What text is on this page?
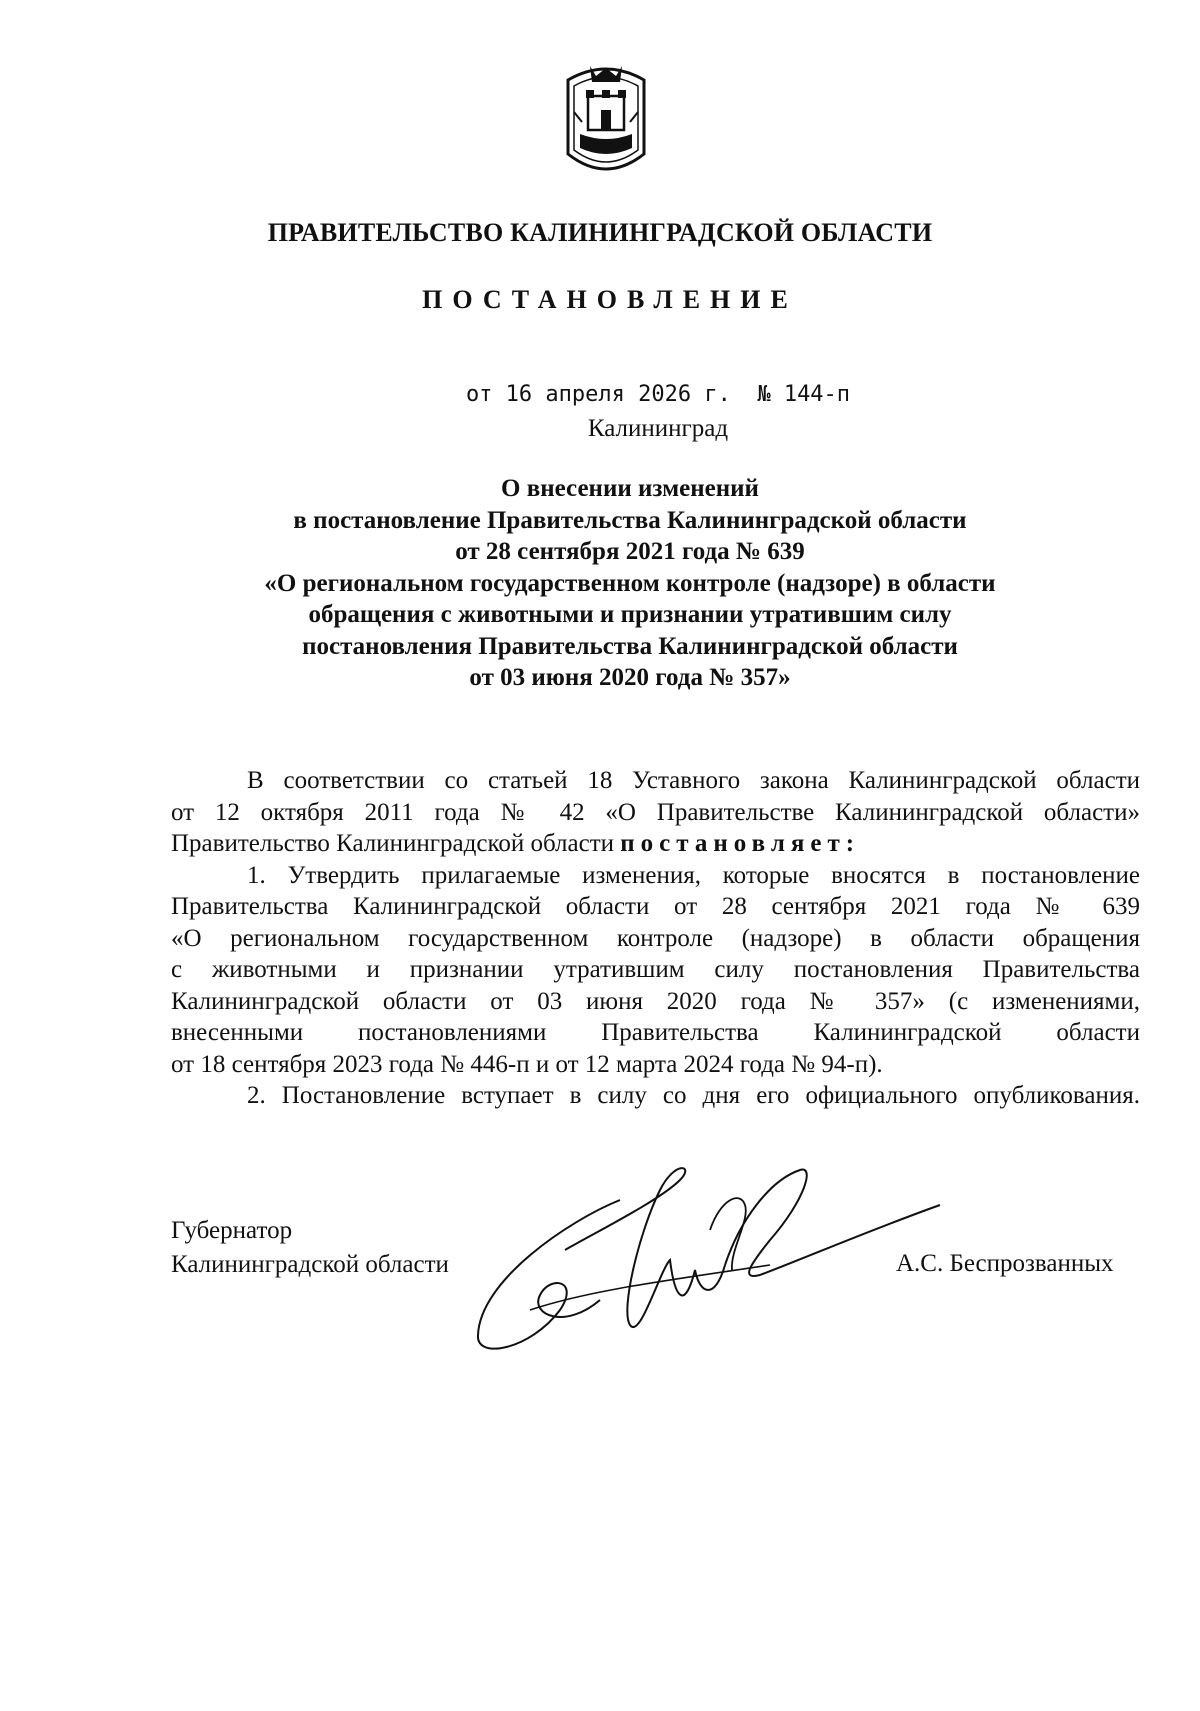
ПРАВИТЕЛЬСТВО КАЛИНИНГРАДСКОЙ ОБЛАСТИ
ПОСТАНОВЛЕНИЕ
от 16 апреля 2026 г.  № 144-п
Калининград
О внесении изменений
в постановление Правительства Калининградской области
от 28 сентября 2021 года № 639
«О региональном государственном контроле (надзоре) в области
обращения с животными и признании утратившим силу
постановления Правительства Калининградской области
от 03 июня 2020 года № 357»
В соответствии со статьей 18 Уставного закона Калининградской области
от 12 октября 2011 года № 42 «О Правительстве Калининградской области»
Правительство Калининградской области постановляет:
1. Утвердить прилагаемые изменения, которые вносятся в постановление
Правительства Калининградской области от 28 сентября 2021 года № 639
«О региональном государственном контроле (надзоре) в области обращения
с животными и признании утратившим силу постановления Правительства
Калининградской области от 03 июня 2020 года № 357» (с изменениями,
внесенными постановлениями Правительства Калининградской области
от 18 сентября 2023 года № 446-п и от 12 марта 2024 года № 94-п).
2. Постановление вступает в силу со дня его официального опубликования.
Губернатор
Калининградской области	А.С. Беспрозванных
